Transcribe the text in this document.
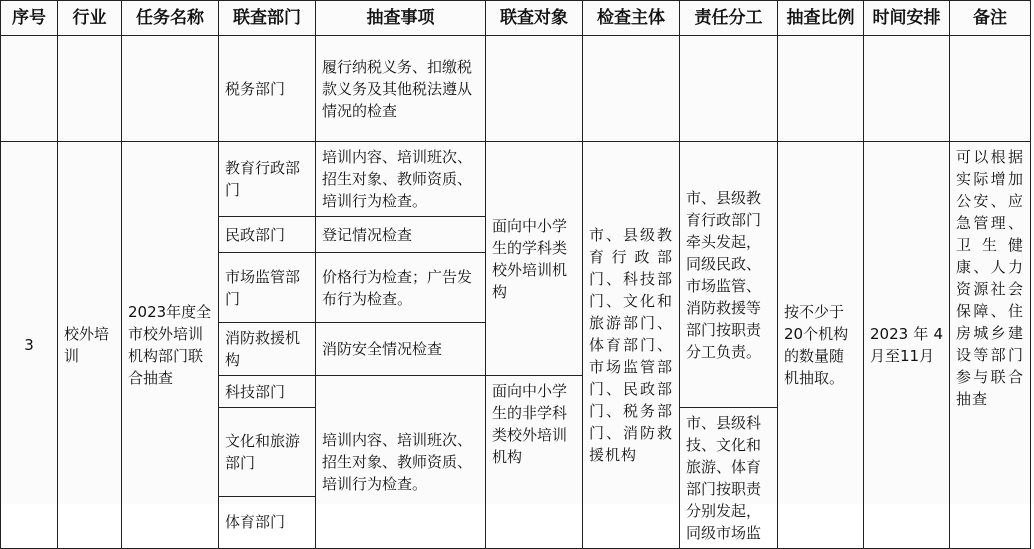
序号	行业	任务名称	联查部门	抽查事项	联查对象	检查主体	责任分工	抽查比例	时间安排	备注
			税务部门	履行纳税义务、扣缴税款义务及其他税法遵从情况的检查						
3	校外培训	2023年度全市校外培训机构部门联合抽查	教育行政部门	培训内容、培训班次、招生对象、教师资质、培训行为检查。	面向中小学生的学科类校外培训机构	市、县级教育行政部门、科技部门、文化和旅游部门、体育部门、市场监管部门、民政部门、税务部门、消防救援机构	市、县级教育行政部门牵头发起，同级民政、市场监管、消防救援等部门按职责分工负责。	按不少于20个机构的数量随机抽取。	2023年4月至11月	可以根据实际增加公安、应急管理、卫生健康、人力资源社会保障、住房城乡建设等部门参与联合抽查
			民政部门	登记情况检查						
			市场监管部门	价格行为检查；广告发布行为检查。						
			消防救援机构	消防安全情况检查						
			科技部门	培训内容、培训班次、招生对象、教师资质、培训行为检查。	面向中小学生的非学科类校外培训机构					
			文化和旅游部门				市、县级科技、文化和旅游、体育部门按职责分别发起，同级市场监			
			体育部门							
